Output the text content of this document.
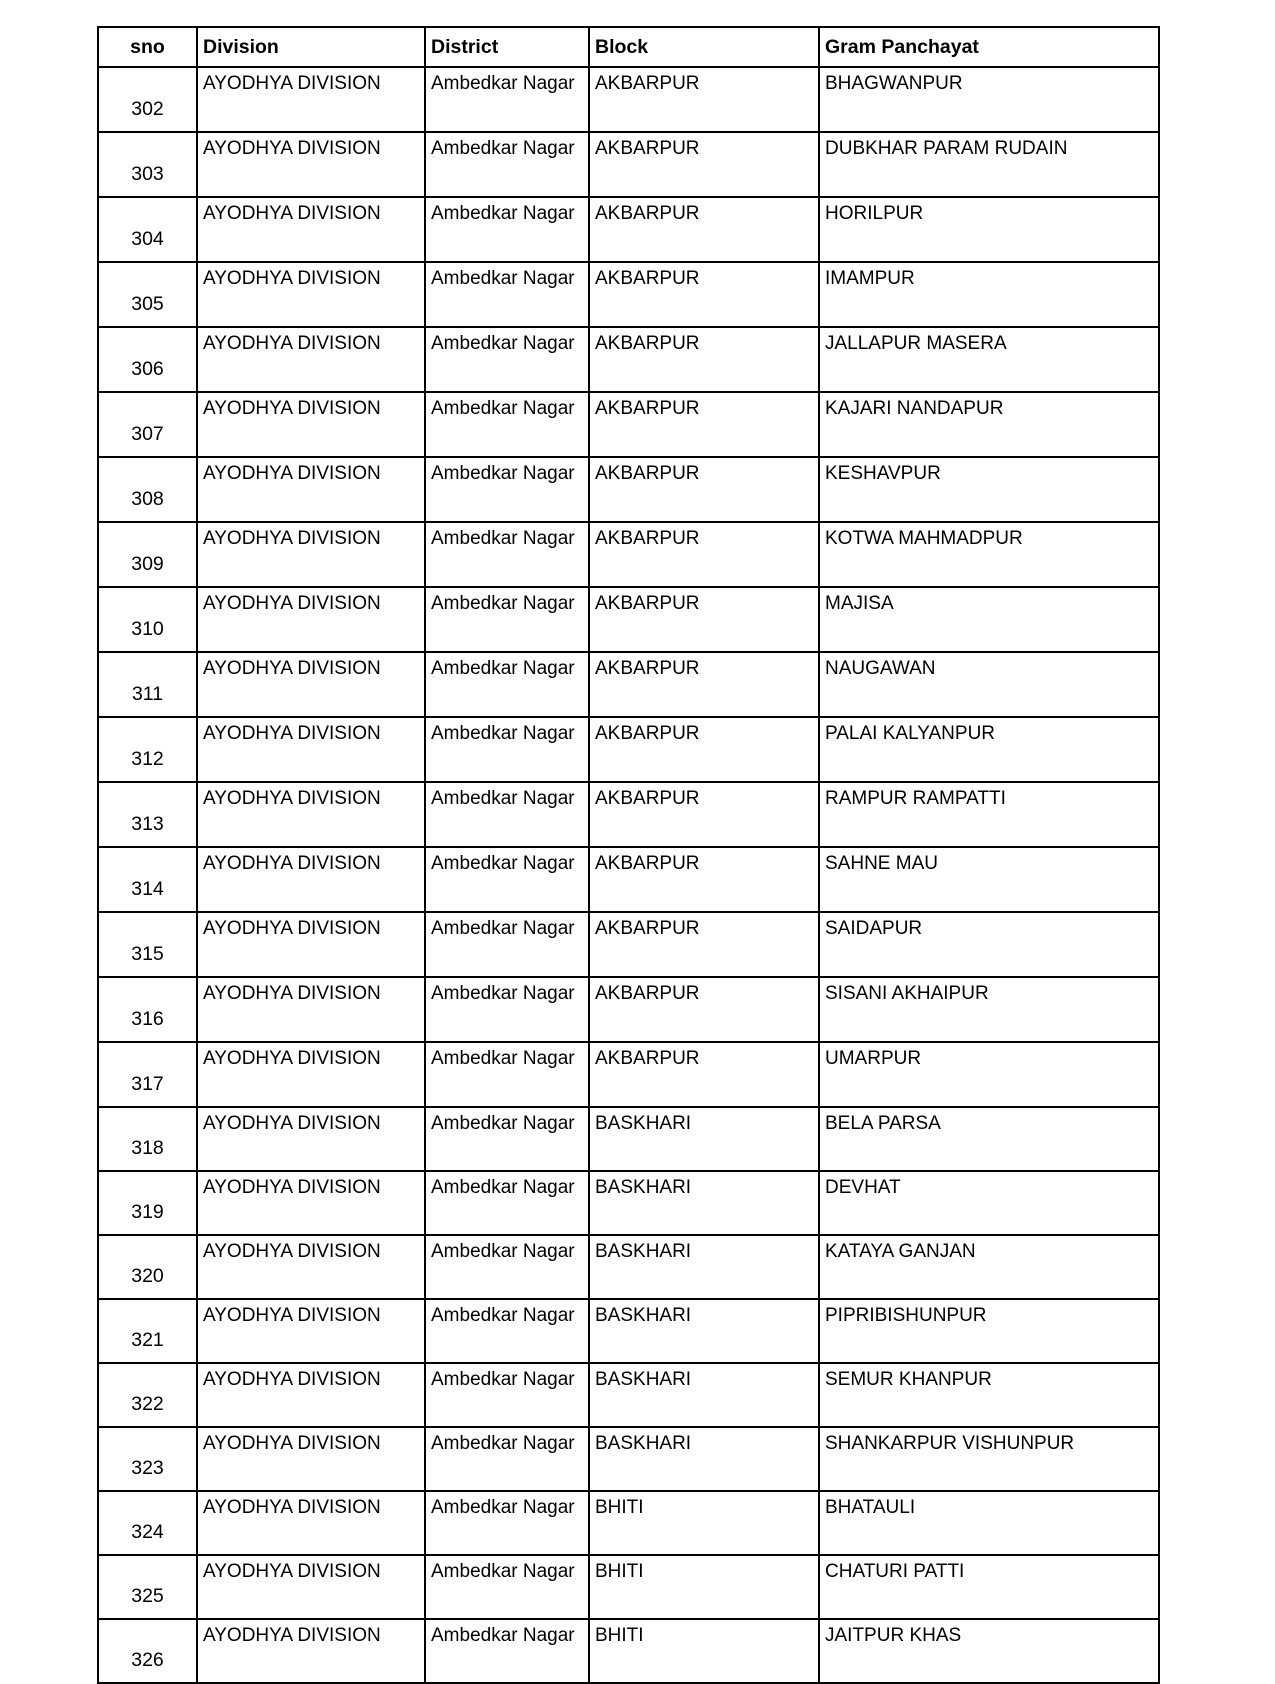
sno	Division	District	Block	Gram Panchayat
302	AYODHYA DIVISION	Ambedkar Nagar	AKBARPUR	BHAGWANPUR
303	AYODHYA DIVISION	Ambedkar Nagar	AKBARPUR	DUBKHAR PARAM RUDAIN
304	AYODHYA DIVISION	Ambedkar Nagar	AKBARPUR	HORILPUR
305	AYODHYA DIVISION	Ambedkar Nagar	AKBARPUR	IMAMPUR
306	AYODHYA DIVISION	Ambedkar Nagar	AKBARPUR	JALLAPUR MASERA
307	AYODHYA DIVISION	Ambedkar Nagar	AKBARPUR	KAJARI NANDAPUR
308	AYODHYA DIVISION	Ambedkar Nagar	AKBARPUR	KESHAVPUR
309	AYODHYA DIVISION	Ambedkar Nagar	AKBARPUR	KOTWA MAHMADPUR
310	AYODHYA DIVISION	Ambedkar Nagar	AKBARPUR	MAJISA
311	AYODHYA DIVISION	Ambedkar Nagar	AKBARPUR	NAUGAWAN
312	AYODHYA DIVISION	Ambedkar Nagar	AKBARPUR	PALAI KALYANPUR
313	AYODHYA DIVISION	Ambedkar Nagar	AKBARPUR	RAMPUR RAMPATTI
314	AYODHYA DIVISION	Ambedkar Nagar	AKBARPUR	SAHNE MAU
315	AYODHYA DIVISION	Ambedkar Nagar	AKBARPUR	SAIDAPUR
316	AYODHYA DIVISION	Ambedkar Nagar	AKBARPUR	SISANI AKHAIPUR
317	AYODHYA DIVISION	Ambedkar Nagar	AKBARPUR	UMARPUR
318	AYODHYA DIVISION	Ambedkar Nagar	BASKHARI	BELA PARSA
319	AYODHYA DIVISION	Ambedkar Nagar	BASKHARI	DEVHAT
320	AYODHYA DIVISION	Ambedkar Nagar	BASKHARI	KATAYA GANJAN
321	AYODHYA DIVISION	Ambedkar Nagar	BASKHARI	PIPRIBISHUNPUR
322	AYODHYA DIVISION	Ambedkar Nagar	BASKHARI	SEMUR KHANPUR
323	AYODHYA DIVISION	Ambedkar Nagar	BASKHARI	SHANKARPUR VISHUNPUR
324	AYODHYA DIVISION	Ambedkar Nagar	BHITI	BHATAULI
325	AYODHYA DIVISION	Ambedkar Nagar	BHITI	CHATURI PATTI
326	AYODHYA DIVISION	Ambedkar Nagar	BHITI	JAITPUR KHAS
